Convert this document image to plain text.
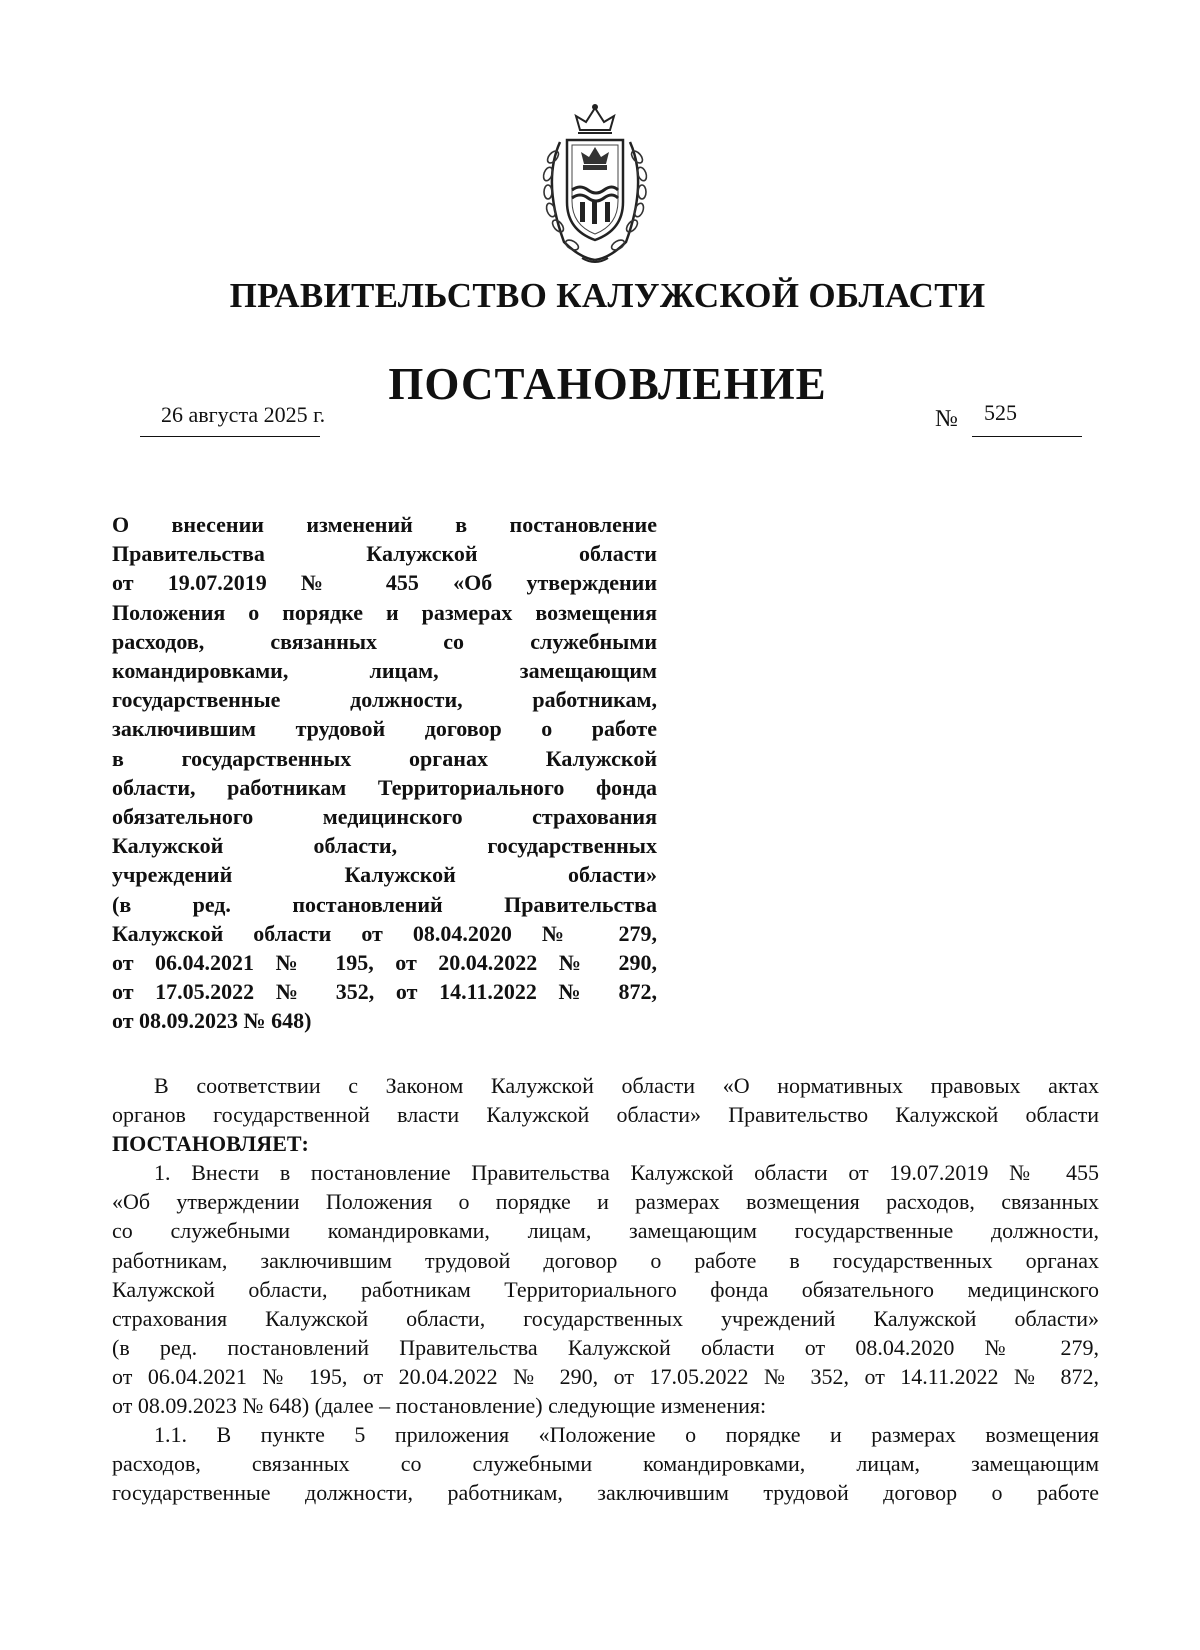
ПРАВИТЕЛЬСТВО КАЛУЖСКОЙ ОБЛАСТИ
ПОСТАНОВЛЕНИЕ
26 августа 2025 г.	№ 525
О внесении изменений в постановление
Правительства Калужской области
от 19.07.2019 № 455 «Об утверждении
Положения о порядке и размерах возмещения
расходов, связанных со служебными
командировками, лицам, замещающим
государственные должности, работникам,
заключившим трудовой договор о работе
в государственных органах Калужской
области, работникам Территориального фонда
обязательного медицинского страхования
Калужской области, государственных
учреждений Калужской области»
(в ред. постановлений Правительства
Калужской области от 08.04.2020 № 279,
от 06.04.2021 № 195, от 20.04.2022 № 290,
от 17.05.2022 № 352, от 14.11.2022 № 872,
от 08.09.2023 № 648)

В соответствии с Законом Калужской области «О нормативных правовых актах
органов государственной власти Калужской области» Правительство Калужской области

ПОСТАНОВЛЯЕТ:

1. Внести в постановление Правительства Калужской области от 19.07.2019 № 455
«Об утверждении Положения о порядке и размерах возмещения расходов, связанных
со служебными командировками, лицам, замещающим государственные должности,
работникам, заключившим трудовой договор о работе в государственных органах
Калужской области, работникам Территориального фонда обязательного медицинского
страхования Калужской области, государственных учреждений Калужской области»
(в ред. постановлений Правительства Калужской области от 08.04.2020 № 279,
от 06.04.2021 № 195, от 20.04.2022 № 290, от 17.05.2022 № 352, от 14.11.2022 № 872,
от 08.09.2023 № 648) (далее – постановление) следующие изменения:

1.1. В пункте 5 приложения «Положение о порядке и размерах возмещения
расходов, связанных со служебными командировками, лицам, замещающим
государственные должности, работникам, заключившим трудовой договор о работе
